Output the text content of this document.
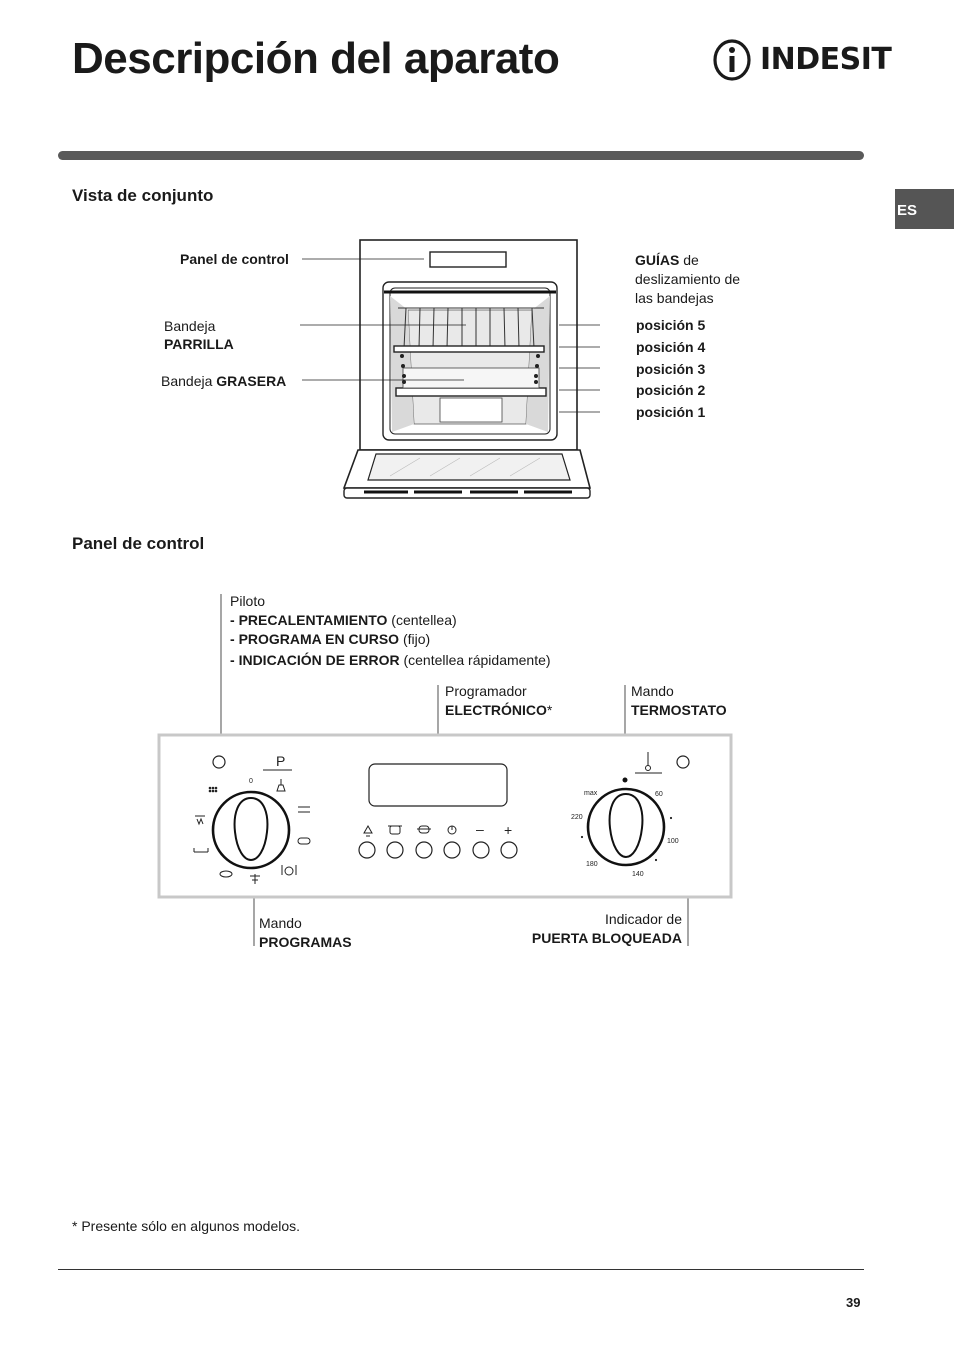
Descripción del aparato	INDESIT
ES
Vista de conjunto
Panel de control
Bandeja
PARRILLA
Bandeja GRASERA
GUÍAS de
deslizamiento de
las bandejas
posición 5
posición 4
posición 3
posición 2
posición 1
Panel de control
Piloto
- PRECALENTAMIENTO (centellea)
- PROGRAMA EN CURSO (fijo)
- INDICACIÓN DE ERROR (centellea rápidamente)
Programador
ELECTRÓNICO*
Mando
TERMOSTATO
Mando
PROGRAMAS
Indicador de
PUERTA BLOQUEADA
P
0
– +
max	60
100
140
180
220
* Presente sólo en algunos modelos.
39
